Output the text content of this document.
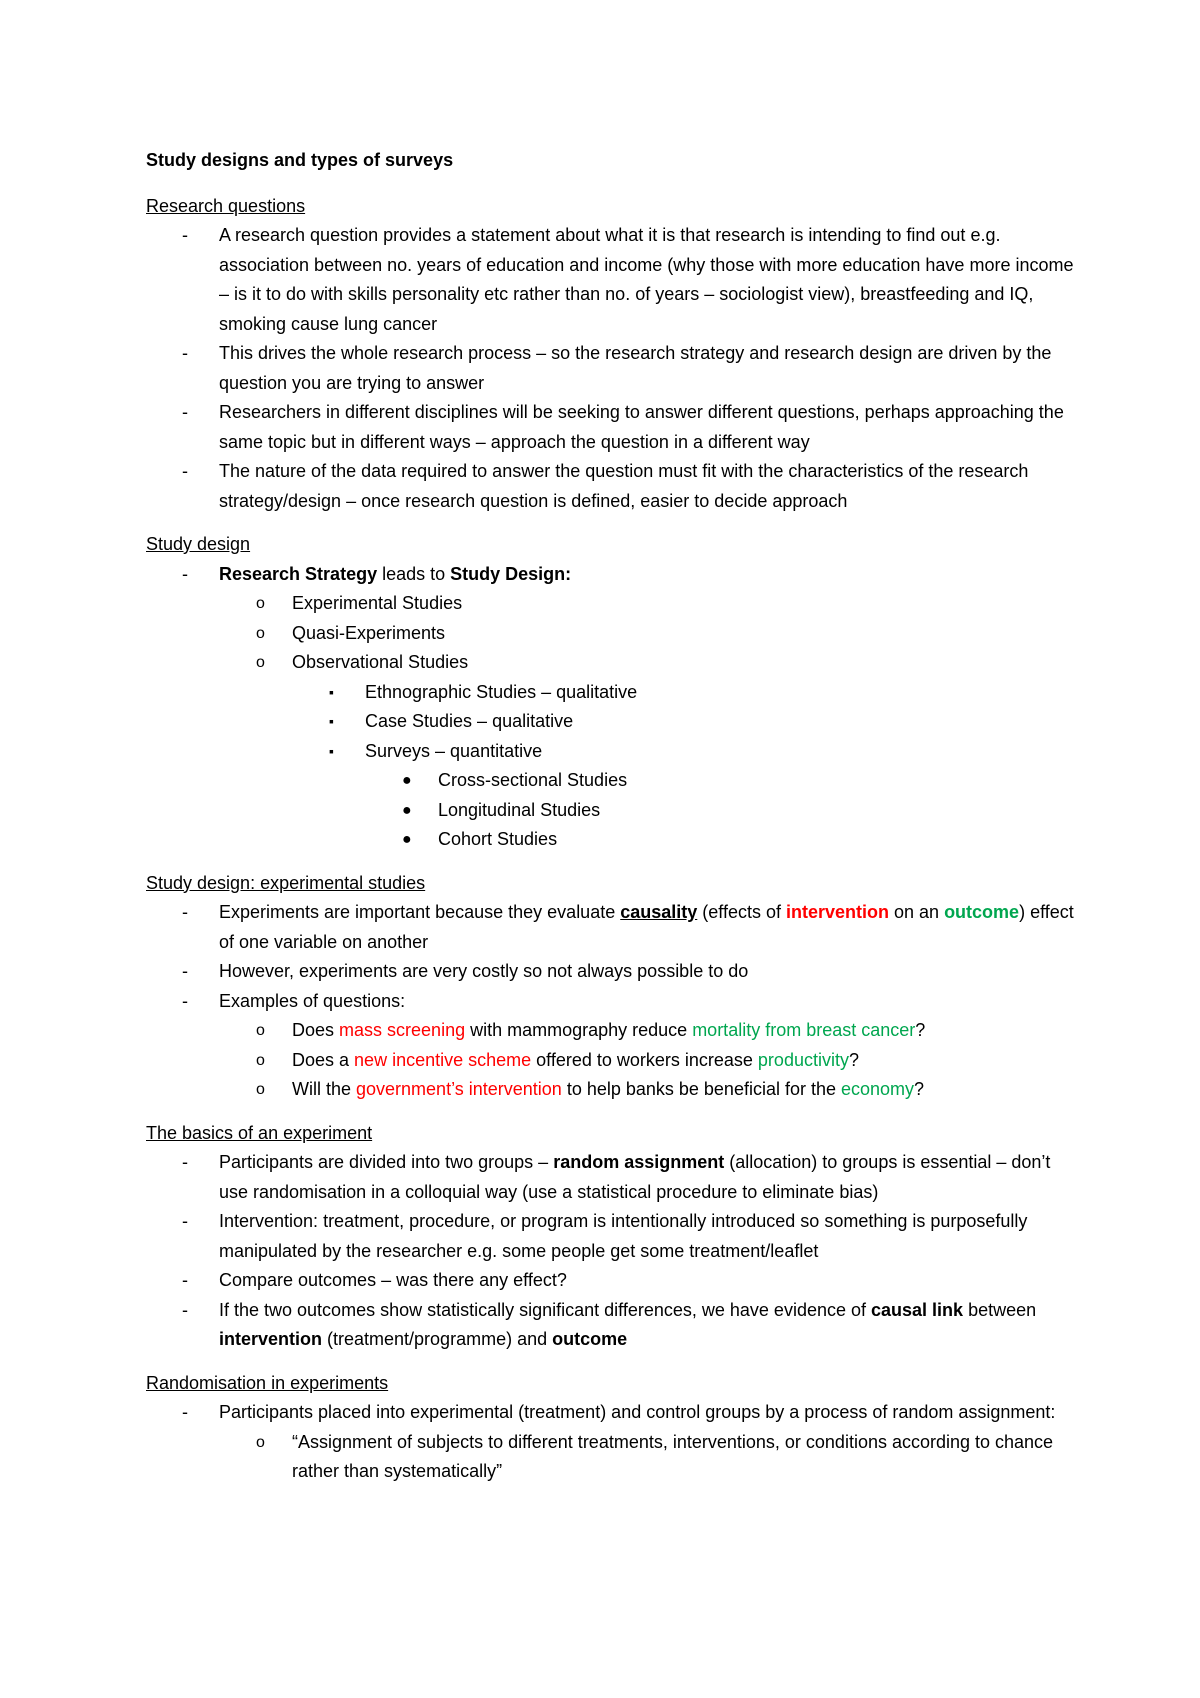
Study designs and types of surveys
Research questions
- A research question provides a statement about what it is that research is intending to find out e.g. association between no. years of education and income (why those with more education have more income – is it to do with skills personality etc rather than no. of years – sociologist view), breastfeeding and IQ, smoking cause lung cancer
- This drives the whole research process – so the research strategy and research design are driven by the question you are trying to answer
- Researchers in different disciplines will be seeking to answer different questions, perhaps approaching the same topic but in different ways – approach the question in a different way
- The nature of the data required to answer the question must fit with the characteristics of the research strategy/design – once research question is defined, easier to decide approach
Study design
- Research Strategy leads to Study Design:
o Experimental Studies
o Quasi-Experiments
o Observational Studies
▪ Ethnographic Studies – qualitative
▪ Case Studies – qualitative
▪ Surveys – quantitative
● Cross-sectional Studies
● Longitudinal Studies
● Cohort Studies
Study design: experimental studies
- Experiments are important because they evaluate causality (effects of intervention on an outcome) effect of one variable on another
- However, experiments are very costly so not always possible to do
- Examples of questions:
o Does mass screening with mammography reduce mortality from breast cancer?
o Does a new incentive scheme offered to workers increase productivity?
o Will the government’s intervention to help banks be beneficial for the economy?
The basics of an experiment
- Participants are divided into two groups – random assignment (allocation) to groups is essential – don’t use randomisation in a colloquial way (use a statistical procedure to eliminate bias)
- Intervention: treatment, procedure, or program is intentionally introduced so something is purposefully manipulated by the researcher e.g. some people get some treatment/leaflet
- Compare outcomes – was there any effect?
- If the two outcomes show statistically significant differences, we have evidence of causal link between intervention (treatment/programme) and outcome
Randomisation in experiments
- Participants placed into experimental (treatment) and control groups by a process of random assignment:
o “Assignment of subjects to different treatments, interventions, or conditions according to chance rather than systematically”
